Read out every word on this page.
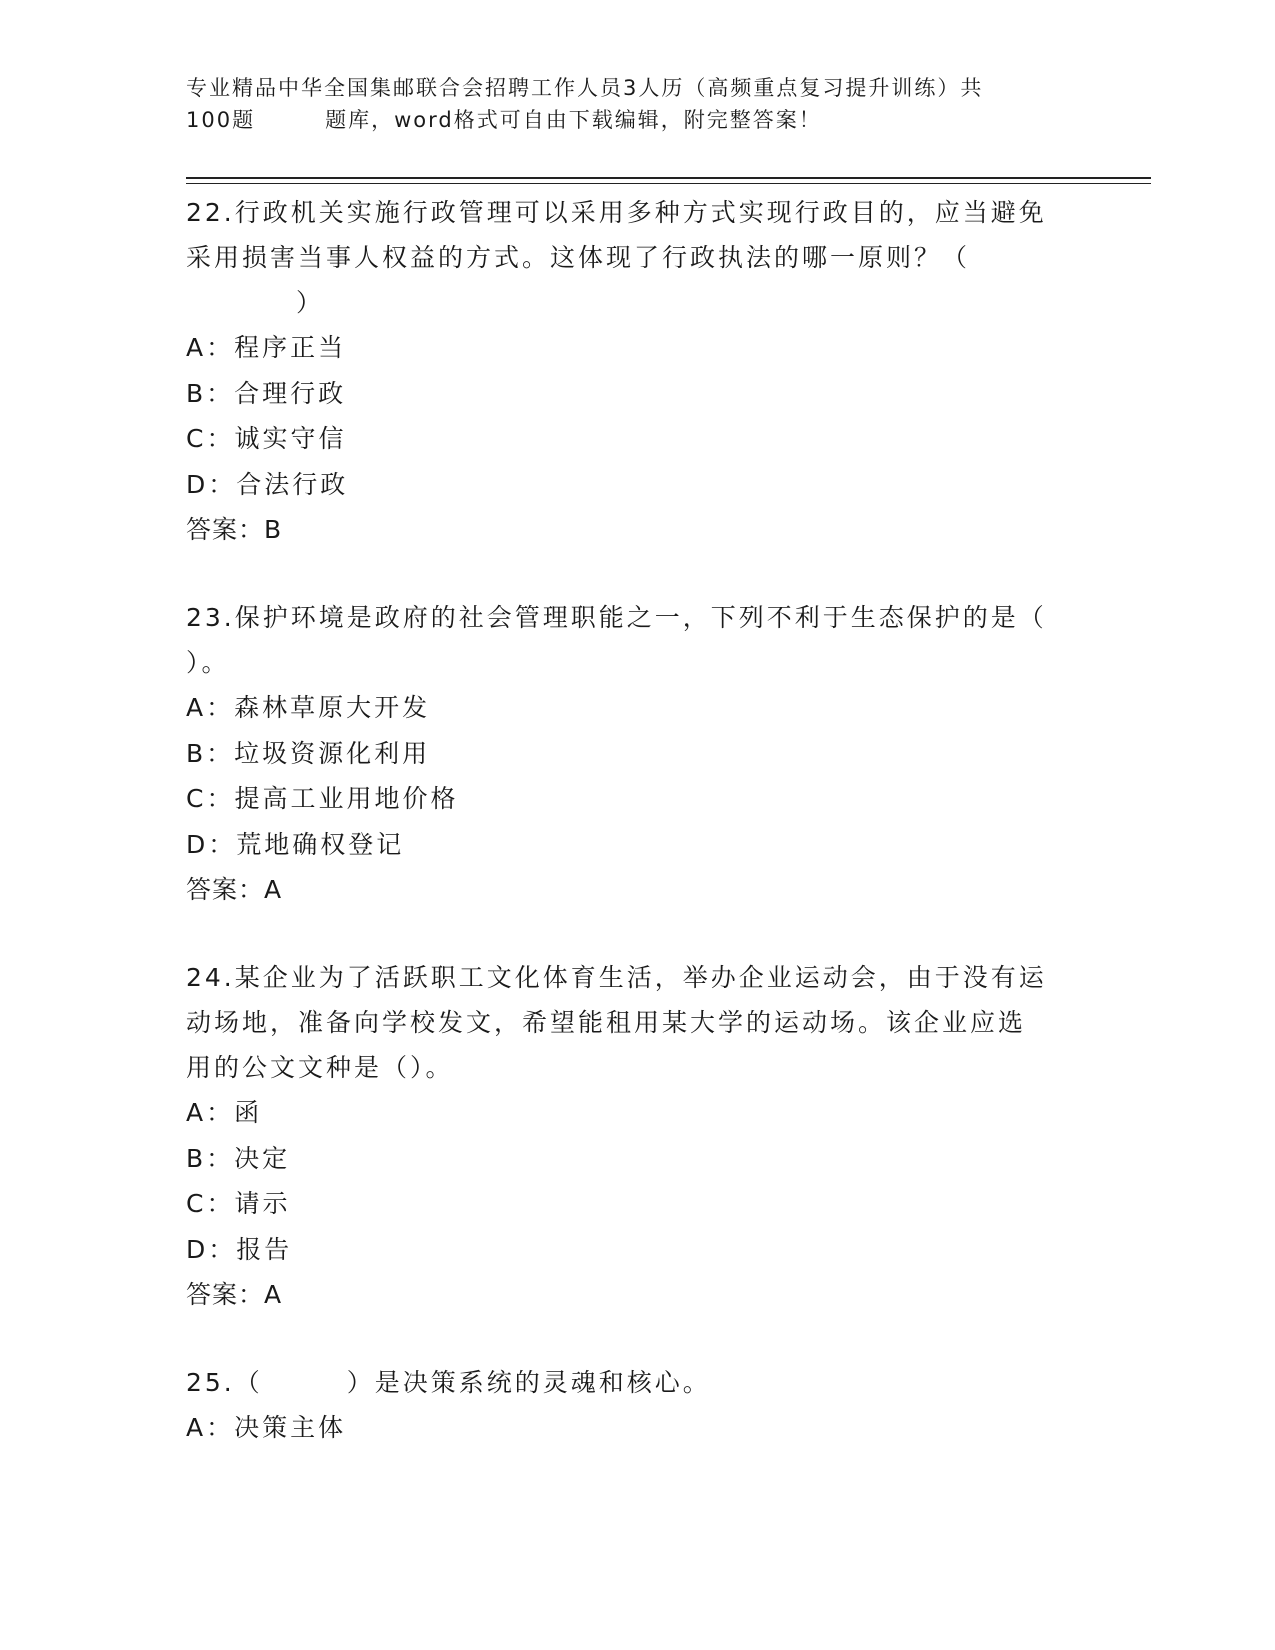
专业精品中华全国集邮联合会招聘工作人员3人历（高频重点复习提升训练）共
100题	题库，word格式可自由下载编辑，附完整答案！
22.行政机关实施行政管理可以采用多种方式实现行政目的，应当避免
采用损害当事人权益的方式。这体现了行政执法的哪一原则？（
）
A：程序正当
B：合理行政
C：诚实守信
D：合法行政
答案：B
23.保护环境是政府的社会管理职能之一，下列不利于生态保护的是（
）。
A：森林草原大开发
B：垃圾资源化利用
C：提高工业用地价格
D：荒地确权登记
答案：A
24.某企业为了活跃职工文化体育生活，举办企业运动会，由于没有运
动场地，准备向学校发文，希望能租用某大学的运动场。该企业应选
用的公文文种是（）。
A：函
B：决定
C：请示
D：报告
答案：A
25.（　　　）是决策系统的灵魂和核心。
A：决策主体
